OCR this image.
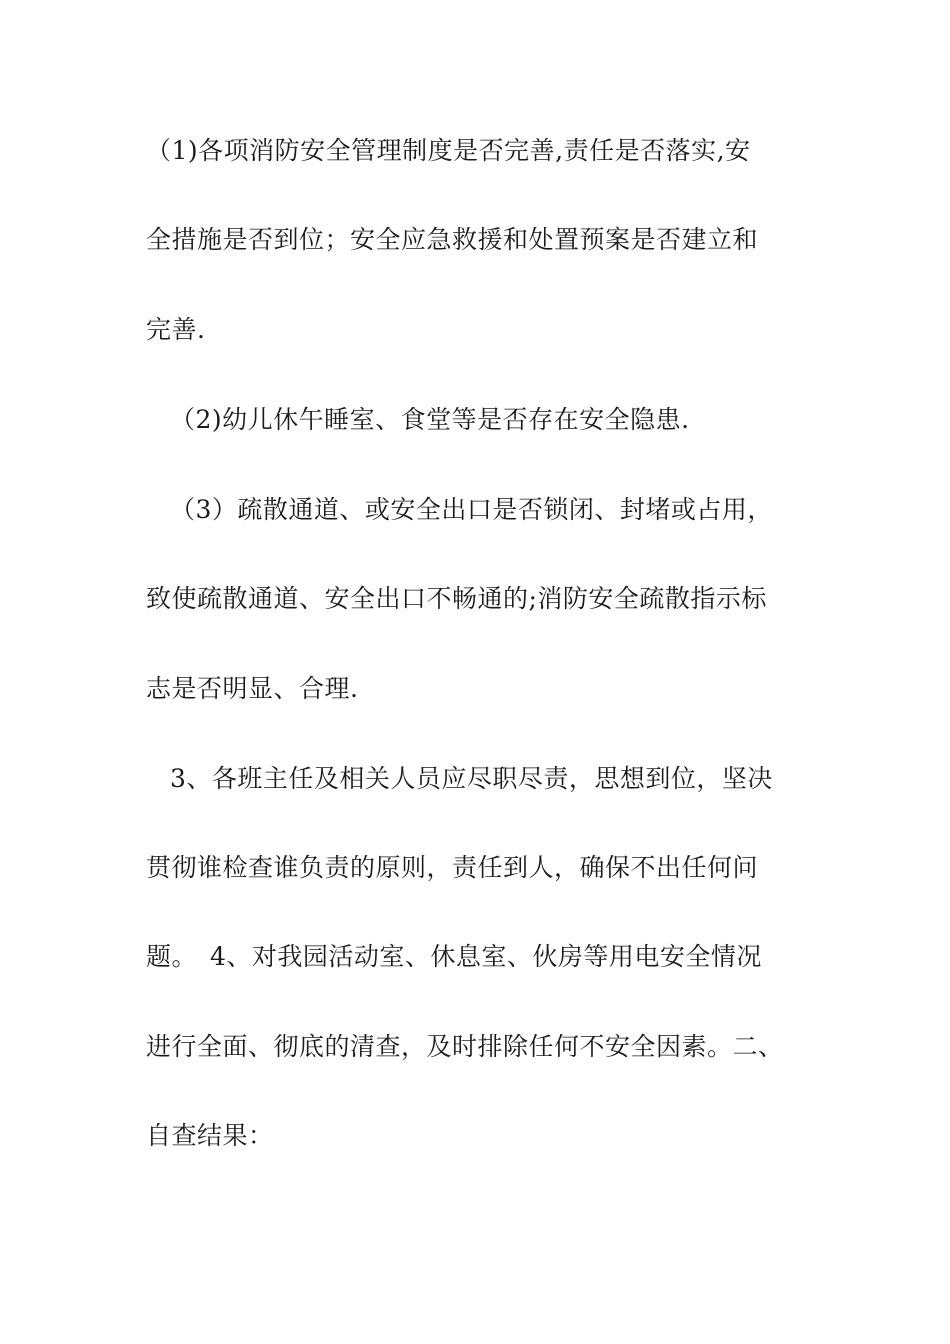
（1)各项消防安全管理制度是否完善,责任是否落实,安
全措施是否到位；安全应急救援和处置预案是否建立和
完善.
（2)幼儿休午睡室、食堂等是否存在安全隐患.
（3）疏散通道、或安全出口是否锁闭、封堵或占用，
致使疏散通道、安全出口不畅通的;消防安全疏散指示标
志是否明显、合理.
3、各班主任及相关人员应尽职尽责，思想到位，坚决
贯彻谁检查谁负责的原则，责任到人，确保不出任何问
题。　4、对我园活动室、休息室、伙房等用电安全情况
进行全面、彻底的清查，及时排除任何不安全因素。二、
自查结果：
